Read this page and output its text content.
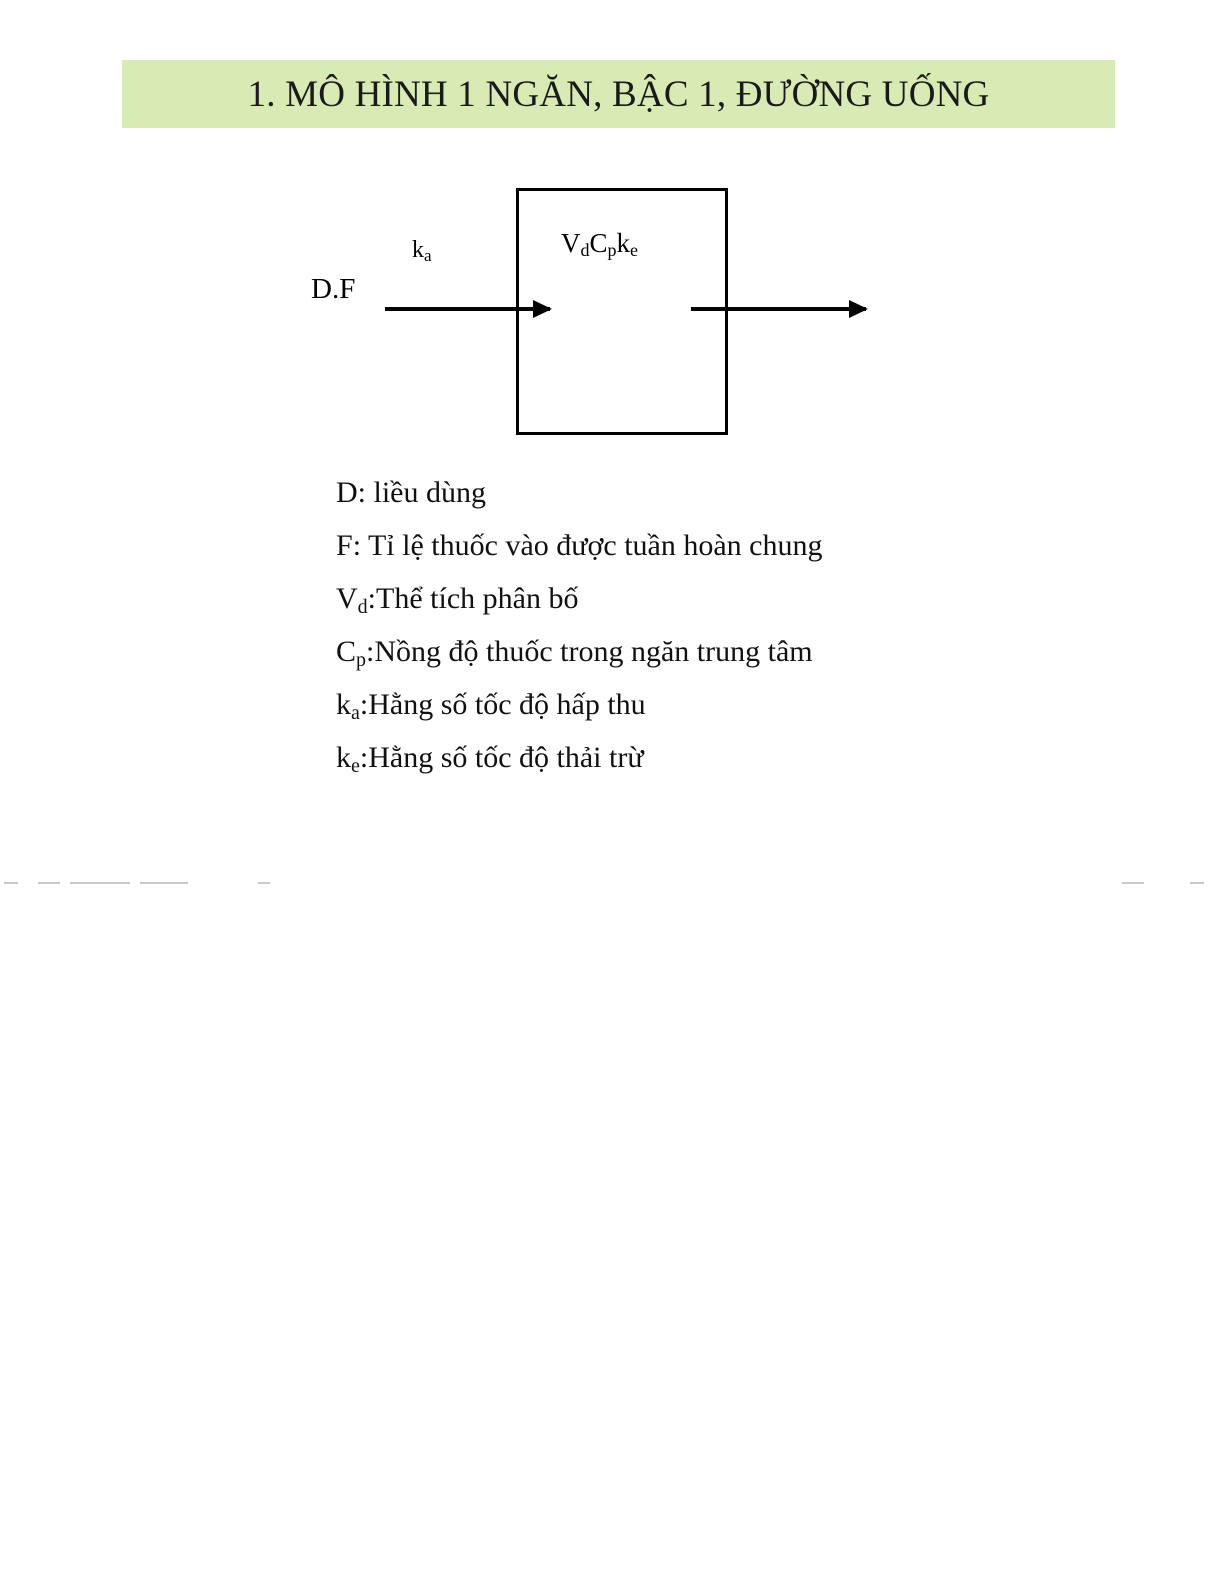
1. MÔ HÌNH 1 NGĂN, BẬC 1, ĐƯỜNG UỐNG
D.F
$k_a$	$V_dC_pk_e$
D: liều dùng
F: Tỉ lệ thuốc vào được tuần hoàn chung
$V_d:Thể$ tích phân bố
$C_p:Nồng$ độ thuốc trong ngăn trung tâm
$k_a:Hằng$ số tốc độ hấp thu
$k_e:Hằng$ số tốc độ thải trừ
